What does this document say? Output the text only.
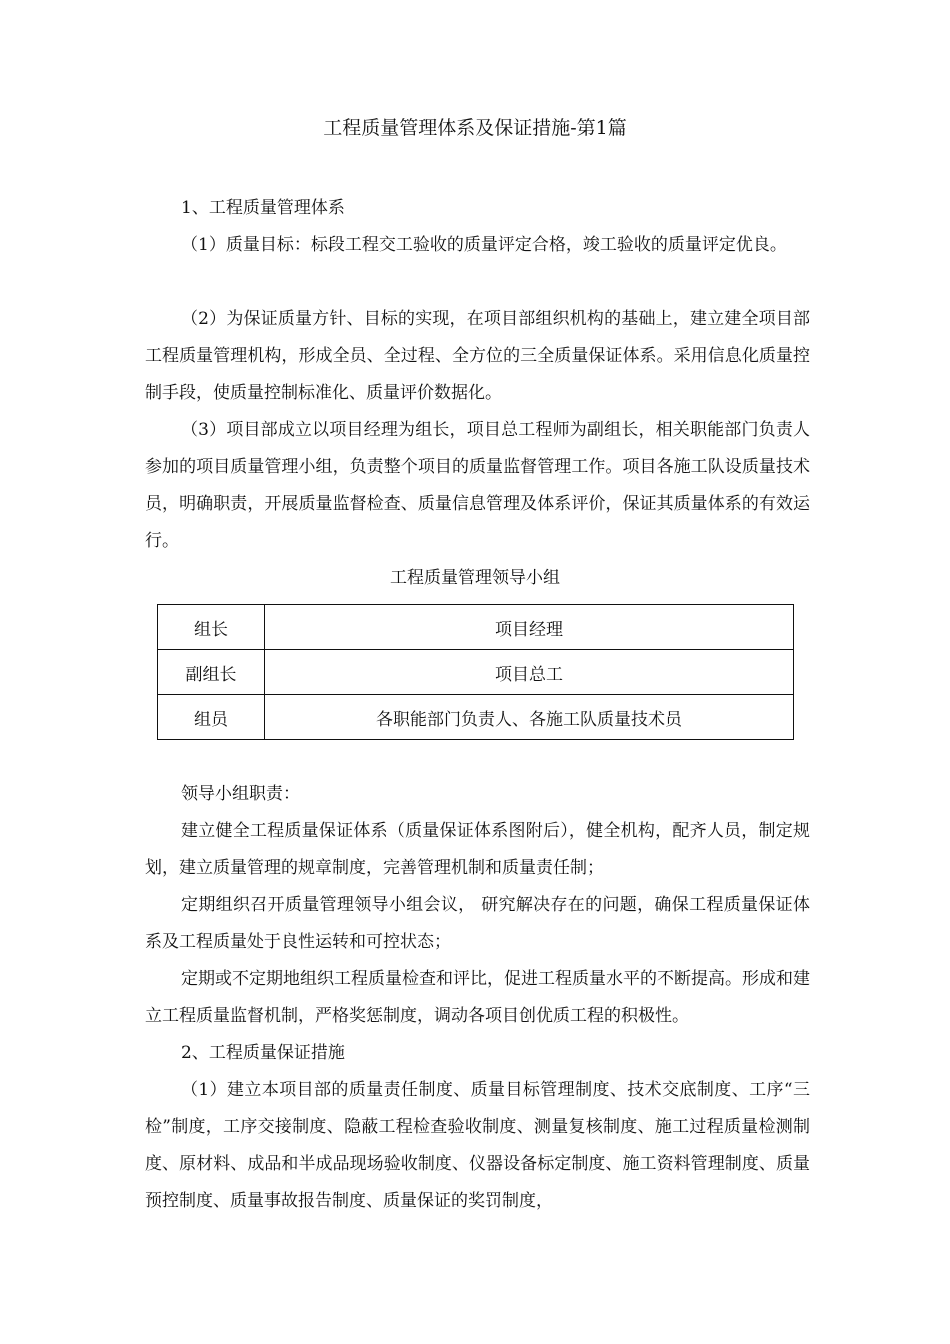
工程质量管理体系及保证措施-第1篇

1、工程质量管理体系

（1）质量目标：标段工程交工验收的质量评定合格，竣工验收的质量评定优良。

（2）为保证质量方针、目标的实现，在项目部组织机构的基础上，建立建全项目部工程质量管理机构，形成全员、全过程、全方位的三全质量保证体系。采用信息化质量控制手段，使质量控制标准化、质量评价数据化。

（3）项目部成立以项目经理为组长，项目总工程师为副组长，相关职能部门负责人参加的项目质量管理小组，负责整个项目的质量监督管理工作。项目各施工队设质量技术员，明确职责，开展质量监督检查、质量信息管理及体系评价，保证其质量体系的有效运行。

工程质量管理领导小组
组长	项目经理
副组长	项目总工
组员	各职能部门负责人、各施工队质量技术员

领导小组职责：

建立健全工程质量保证体系（质量保证体系图附后），健全机构，配齐人员，制定规划，建立质量管理的规章制度，完善管理机制和质量责任制；

定期组织召开质量管理领导小组会议， 研究解决存在的问题，确保工程质量保证体系及工程质量处于良性运转和可控状态；

定期或不定期地组织工程质量检查和评比，促进工程质量水平的不断提高。形成和建立工程质量监督机制，严格奖惩制度，调动各项目创优质工程的积极性。

2、工程质量保证措施

（1）建立本项目部的质量责任制度、质量目标管理制度、技术交底制度、工序“三检”制度，工序交接制度、隐蔽工程检查验收制度、测量复核制度、施工过程质量检测制度、原材料、成品和半成品现场验收制度、仪器设备标定制度、施工资料管理制度、质量预控制度、质量事故报告制度、质量保证的奖罚制度，
